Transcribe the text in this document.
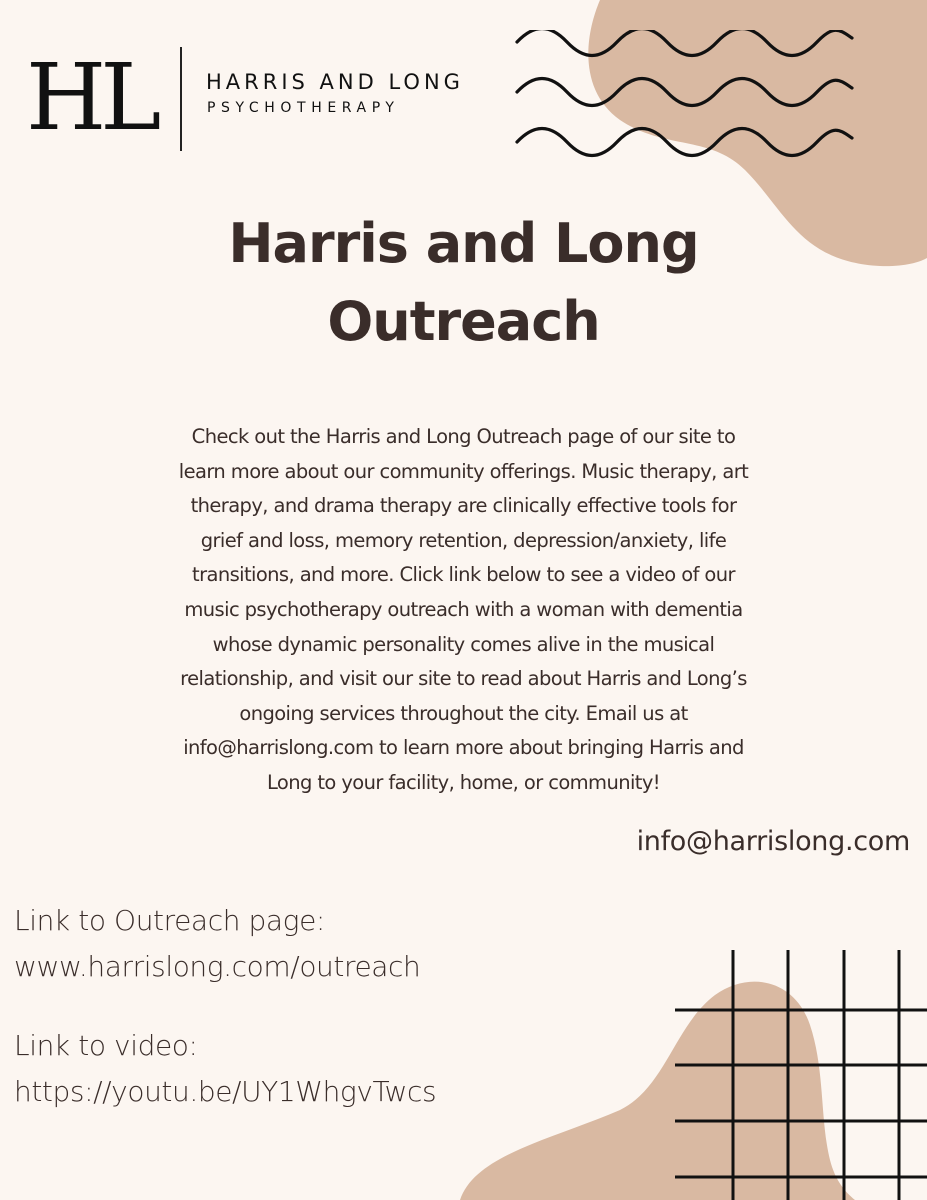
HL HARRIS AND LONG
PSYCHOTHERAPY
Harris and Long
Outreach

Check out the Harris and Long Outreach page of our site to
learn more about our community offerings. Music therapy, art
therapy, and drama therapy are clinically effective tools for
grief and loss, memory retention, depression/anxiety, life
transitions, and more. Click link below to see a video of our
music psychotherapy outreach with a woman with dementia
whose dynamic personality comes alive in the musical
relationship, and visit our site to read about Harris and Long’s
ongoing services throughout the city. Email us at
info@harrislong.com to learn more about bringing Harris and
Long to your facility, home, or community!

info@harrislong.com
Link to Outreach page:
www.harrislong.com/outreach
Link to video:
https://youtu.be/UY1WhgvTwcs
